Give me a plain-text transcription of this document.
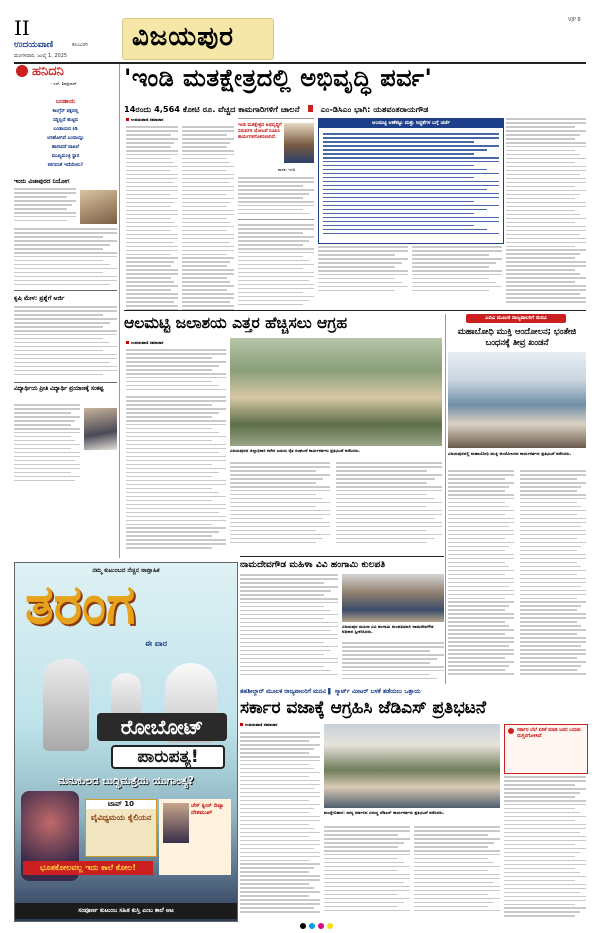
II
ಉದಯವಾಣಿ	ಕಲಬುರಗಿ
ಮಂಗಳವಾರ, ಜುಲೈ 1, 2025
ವಿಜಯಪುರ
VJP 8
ಹನಿದನಿ
– ಎಸ್. ಶಿವಪ್ರಸಾದ್
ಬಂಡಾಯ
ಕಾಂಗ್ರೆಸ್ ಪಕ್ಷದಲ್ಲಿ
ಸದ್ದಿಲ್ಲದೆ ಹುಟ್ಟಿದ
ಬಂಡಾಯದ ಕಿಡಿ
ಆರಿಹೋಗಿದೆ ಎಂದಾಯ್ತು
ಹಾಗಾದರೆ ದಾಖಲೆ
ಮುಖ್ಯಮಂತ್ರಿ ಸ್ಥಾನ
ಕರಗದಂತೆ ಇದೆಯೇನು?
ಇಂದು ವಿಜಾಪುರದ ನಿಯೋಗ
ಕೃಷಿ ಮೇಳ: ಪ್ರಶ್ನೆಗೆ ಅರ್ಜಿ
ವಿದ್ಯಾರ್ಥಿಯ ಪ್ರೀತಿ ವಿದ್ಯಾರ್ಥಿ ಪ್ರಯಾಣಕ್ಕೆ ಸಂಕಷ್ಟ
'ಇಂಡಿ ಮತಕ್ಷೇತ್ರದಲ್ಲಿ ಅಭಿವೃದ್ಧಿ ಪರ್ವ'
14ರಂದು 4,564 ಕೋಟಿ ರೂ. ವೆಚ್ಚದ ಕಾಮಗಾರಿಗಳಿಗೆ ಚಾಲನೆ	ಎಂ-ಡಿಸಿಎಂ ಭಾಗಿ: ಯಶವಂತರಾಯಗೌಡ
ಉದಯವಾಣಿ ಸಮಾಚಾರ
ಇಂಡಿ ಮತಕ್ಷೇತ್ರದ ಅಭಿವೃದ್ಧಿಗೆ ಸಮರ್ಪಕ ಯೋಜನೆ ರೂಪಿಸಿ ಕಾರ್ಯಗತಗೊಳಿಸಲಾಗಿದೆ.
ಶಾಸಕ, ಇಂಡಿ
ಆಲಮಟ್ಟಿ ಅಣೆಕಟ್ಟು ಮತ್ತು ಸಿದ್ಧತೆಗಳ ಬಗ್ಗೆ ಚರ್ಚೆ
ಆಲಮಟ್ಟಿ ಜಲಾಶಯ ಎತ್ತರ ಹೆಚ್ಚಿಸಲು ಆಗ್ರಹ
ಉದಯವಾಣಿ ಸಮಾಚಾರ
ವಿಜಯಪುರದ ಜಿಲ್ಲಾಧಿಕಾರಿ ಕಚೇರಿ ಎದುರು ರೈತ ಸಂಘಟನೆ ಕಾರ್ಯಕರ್ತರು ಪ್ರತಿಭಟನೆ ನಡೆಸಿದರು.
ಎಬಿವಿ ಮೂಲಕ ರಾಜ್ಯಪಾಲರಿಗೆ ಮನವಿ
ಮಹಾಬೋಧಿ ಮುಕ್ತಿ ಆಂದೋಲನ; ಭಂತೇಜಿ ಬಂಧನಕ್ಕೆ ತೀವ್ರ ಖಂಡನೆ
ವಿಜಯಪುರದಲ್ಲಿ ಮಹಾಬೋಧಿ ಮುಕ್ತಿ ಆಂದೋಲನದ ಕಾರ್ಯಕರ್ತರು ಪ್ರತಿಭಟನೆ ನಡೆಸಿದರು.
ನಮ್ಮ ಕುಟುಂಬದ ನೆಚ್ಚಿನ ಸಾಪ್ತಾಹಿಕ
ತರಂಗ
ಈ ವಾರ
ರೋಬೋಟ್
ಪಾರುಪತ್ಯ!
ಮನುಕುಲದ ಬುದ್ಧಿಮತ್ತೆಯ ಯುಗಾಂತ್ಯ?
ಟಾಪ್ 10
ವೈವಿಧ್ಯಮಯ ಕೈಲಿಯನ
ಚೆಸ್ ಕ್ವೀನ್ ದಿವ್ಯಾ ದೇಶಮುಖ್
ಭೂತಕೋಲವಲ್ಲ ಇದು ಕಾಲೆ ಕೋಲ!
ಸಂಪೂರ್ಣ ಕುಟುಂಬ ಸಹಿತ ಕುಸ್ತಿ ಎಂಬ ಕಾಲೆ ಆಟ
ನಾಮದೇವಗೌಡ ಮಹಿಳಾ ವಿವಿ ಹಂಗಾಮಿ ಕುಲಪತಿ
ವಿಜಯಪುರ ಮಹಿಳಾ ವಿವಿ ಹಂಗಾಮಿ ಕುಲಪತಿಯಾಗಿ ನಾಮದೇವಗೌಡ ಅಧಿಕಾರ ಸ್ವೀಕರಿಸಿದರು.
ತಹಶೀಲ್ದಾರ್ ಮೂಲಕ ರಾಜ್ಯಪಾಲರಿಗೆ ಮನವಿ ▌ ಸ್ಮಾರ್ಟ್ ಮೀಟರ್ ಬಳಕೆ ತಡೆಯಲು ಒತ್ತಾಯ
ಸರ್ಕಾರ ವಜಾಕ್ಕೆ ಆಗ್ರಹಿಸಿ ಜೆಡಿಎಸ್ ಪ್ರತಿಭಟನೆ
ಉದಯವಾಣಿ ಸಮಾಚಾರ
ಮುದ್ದೇಬಿಹಾಳ: ರಾಜ್ಯ ಸರ್ಕಾರದ ವಿರುದ್ಧ ಜೆಡಿಎಸ್ ಕಾರ್ಯಕರ್ತರು ಪ್ರತಿಭಟನೆ ನಡೆಸಿದರು.
ಸರ್ಕಾರ ಬೆಲೆ ಏರಿಕೆ ಮಾಡಿ ಜನರ ಬದುಕು ದುಸ್ತರಗೊಳಿಸಿದೆ
